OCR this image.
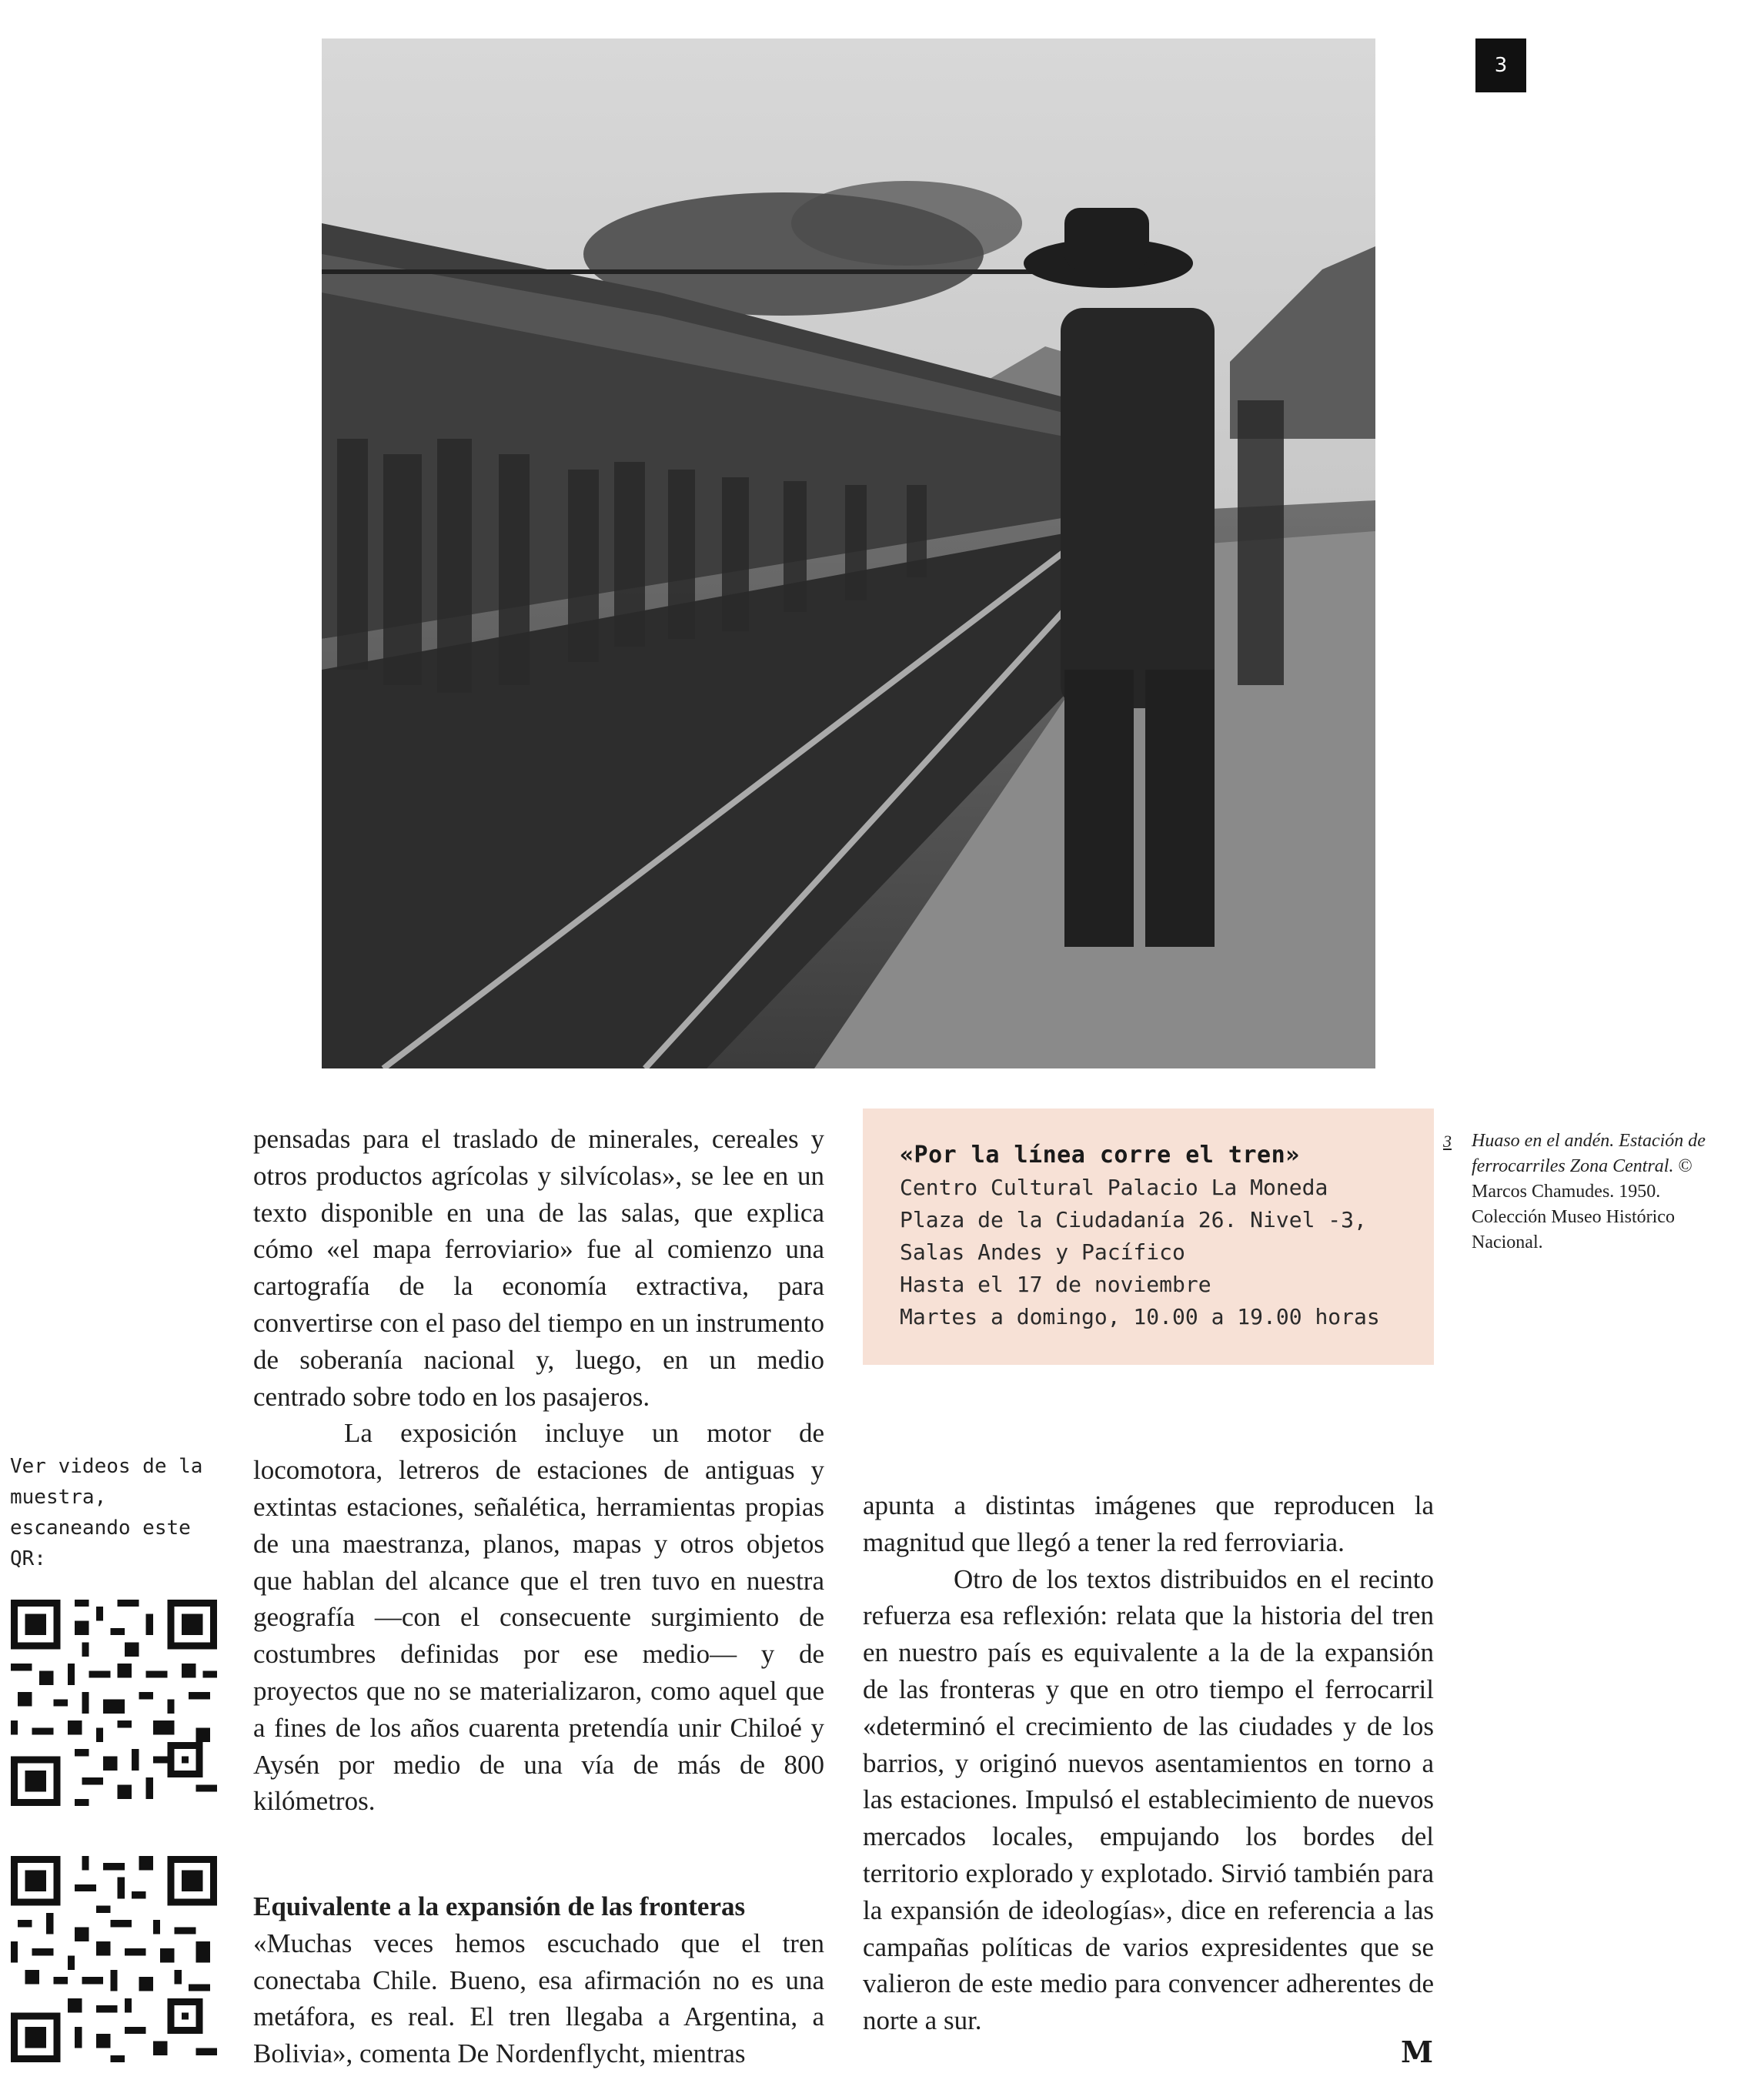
3
3 Huaso en el andén. Estación de ferrocarriles Zona Central. © Marcos Chamudes. 1950. Colección Museo Histórico Nacional.
«Por la línea corre el tren»
Centro Cultural Palacio La Moneda
Plaza de la Ciudadanía 26. Nivel -3,
Salas Andes y Pacífico
Hasta el 17 de noviembre
Martes a domingo, 10.00 a 19.00 horas

pensadas para el traslado de minerales, cereales y otros productos agrícolas y silvícolas», se lee en un texto disponible en una de las salas, que explica cómo «el mapa ferroviario» fue al comienzo una cartografía de la economía extractiva, para convertirse con el paso del tiempo en un instrumento de soberanía nacional y, luego, en un medio centrado sobre todo en los pasajeros.

La exposición incluye un motor de locomotora, letreros de estaciones de antiguas y extintas estaciones, señalética, herramientas propias de una maestranza, planos, mapas y otros objetos que hablan del alcance que el tren tuvo en nuestra geografía —con el consecuente surgimiento de costumbres definidas por ese medio— y de proyectos que no se materializaron, como aquel que a fines de los años cuarenta pretendía unir Chiloé y Aysén por medio de una vía de más de 800 kilómetros.

Equivalente a la expansión de las fronteras

«Muchas veces hemos escuchado que el tren conectaba Chile. Bueno, esa afirmación no es una metáfora, es real. El tren llegaba a Argentina, a Bolivia», comenta De Nordenflycht, mientras

apunta a distintas imágenes que reproducen la magnitud que llegó a tener la red ferroviaria.

Otro de los textos distribuidos en el recinto refuerza esa reflexión: relata que la historia del tren en nuestro país es equivalente a la de la expansión de las fronteras y que en otro tiempo el ferrocarril «determinó el crecimiento de las ciudades y de los barrios, y originó nuevos asentamientos en torno a las estaciones. Impulsó el establecimiento de nuevos mercados locales, empujando los bordes del territorio explorado y explotado. Sirvió también para la expansión de ideologías», dice en referencia a las campañas políticas de varios expresidentes que se valieron de este medio para convencer adherentes de norte a sur.

Ver videos de la muestra, escaneando este QR:
M
